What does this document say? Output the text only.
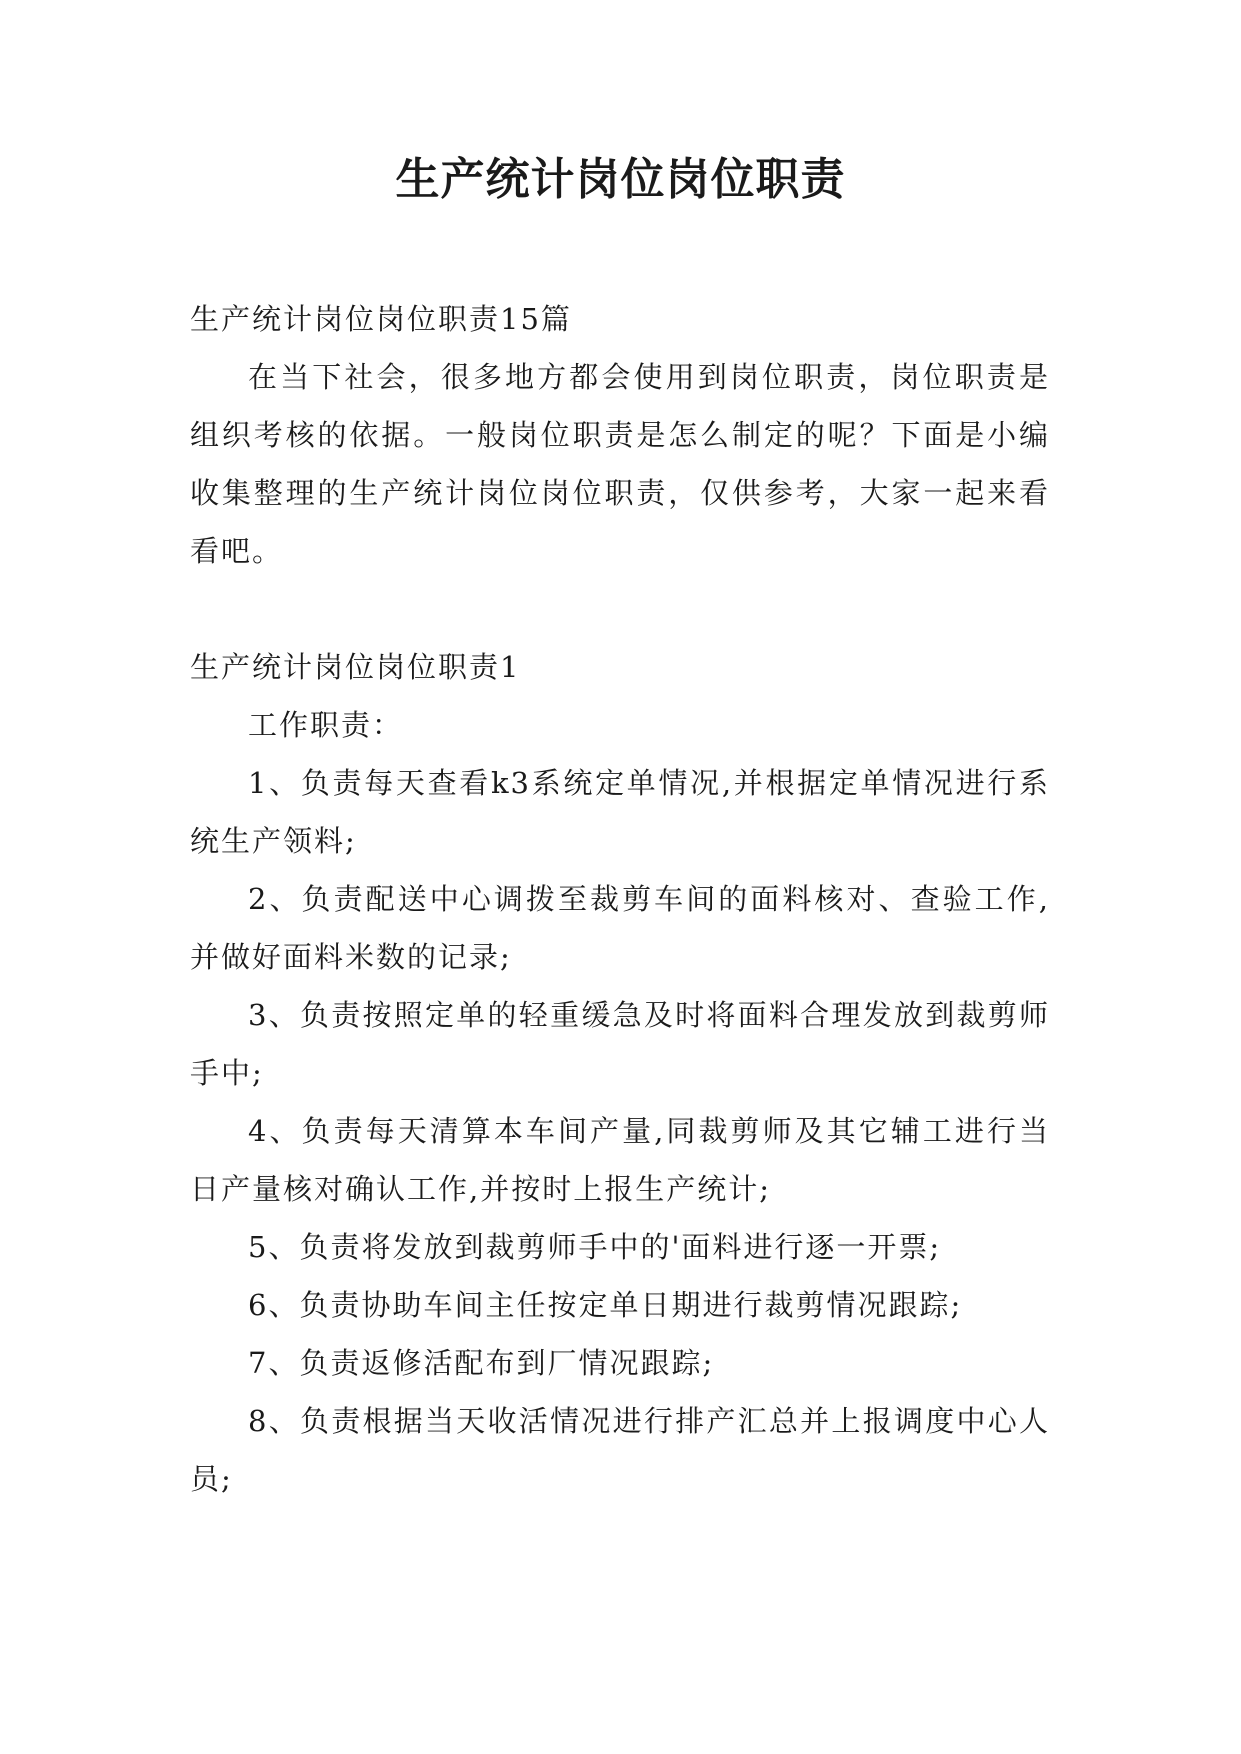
生产统计岗位岗位职责

生产统计岗位岗位职责15篇

在当下社会，很多地方都会使用到岗位职责，岗位职责是组织考核的依据。一般岗位职责是怎么制定的呢？下面是小编收集整理的生产统计岗位岗位职责，仅供参考，大家一起来看看吧。

生产统计岗位岗位职责1

工作职责：

1、负责每天查看k3系统定单情况,并根据定单情况进行系统生产领料;

2、负责配送中心调拨至裁剪车间的面料核对、查验工作,并做好面料米数的记录;

3、负责按照定单的轻重缓急及时将面料合理发放到裁剪师手中;

4、负责每天清算本车间产量,同裁剪师及其它辅工进行当日产量核对确认工作,并按时上报生产统计;

5、负责将发放到裁剪师手中的'面料进行逐一开票;

6、负责协助车间主任按定单日期进行裁剪情况跟踪;

7、负责返修活配布到厂情况跟踪;

8、负责根据当天收活情况进行排产汇总并上报调度中心人员;
